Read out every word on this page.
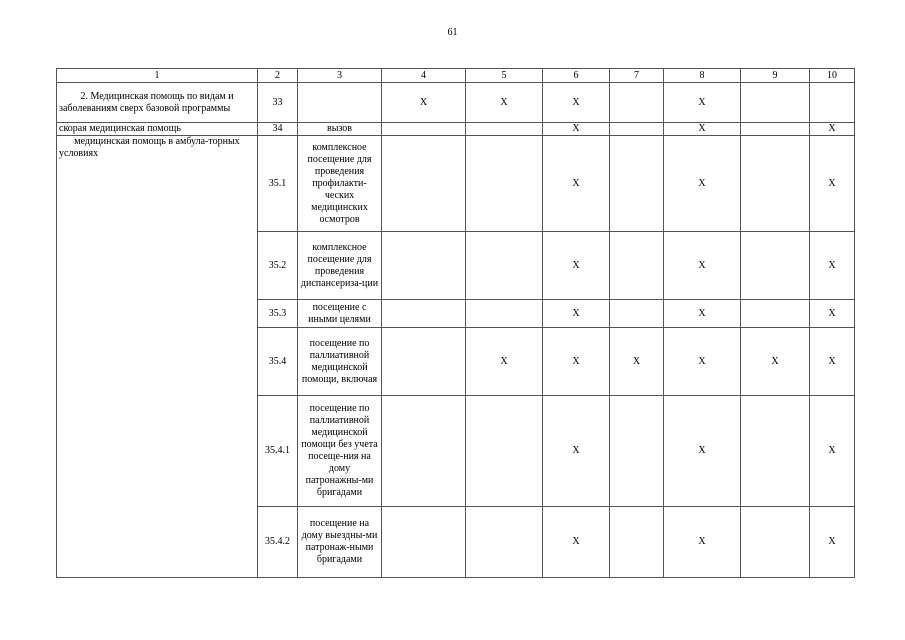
61
1	2	3	4	5	6	7	8	9	10
2. Медицинская помощь по видам и заболеваниям сверх базовой программы	33		Х	Х	Х		Х		
скорая медицинская помощь	34	вызов			Х		Х		Х
медицинская помощь в амбула-торных условиях	35.1	комплексное посещение для проведения профилакти-ческих медицинских осмотров			Х		Х		Х
	35.2	комплексное посещение для проведения диспансериза-ции			Х		Х		Х
	35.3	посещение с иными целями			Х		Х		Х
	35.4	посещение по паллиативной медицинской помощи, включая		Х	Х	Х	Х	Х	Х
	35.4.1	посещение по паллиативной медицинской помощи без учета посеще-ния на дому патронажны-ми бригадами			Х		Х		Х
	35.4.2	посещение на дому выездны-ми патронаж-ными бригадами			Х		Х		Х
